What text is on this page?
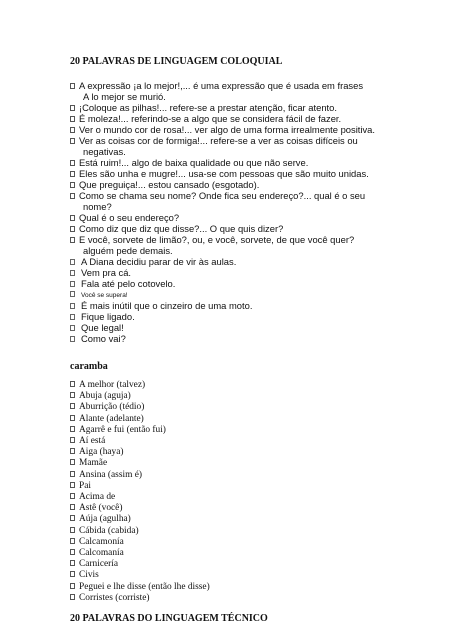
20 PALAVRAS DE LINGUAGEM COLOQUIAL
A expressão ¡a lo mejor!,... é uma expressão que é usada em frases
A lo mejor se murió.
¡Coloque as pilhas!... refere-se a prestar atenção, ficar atento.
É moleza!... referindo-se a algo que se considera fácil de fazer.
Ver o mundo cor de rosa!... ver algo de uma forma irrealmente positiva.
Ver as coisas cor de formiga!... refere-se a ver as coisas difíceis ou
negativas.
Está ruim!... algo de baixa qualidade ou que não serve.
Eles são unha e mugre!... usa-se com pessoas que são muito unidas.
Que preguiça!... estou cansado (esgotado).
Como se chama seu nome? Onde fica seu endereço?... qual é o seu
nome?
Qual é o seu endereço?
Como diz que diz que disse?... O que quis dizer?
E você, sorvete de limão?, ou, e você, sorvete, de que você quer?
alguém pede demais.
A Diana decidiu parar de vir às aulas.
Vem pra cá.
Fala até pelo cotovelo.
Você se supera!
É mais inútil que o cinzeiro de uma moto.
Fique ligado.
Que legal!
Como vai?
caramba
A melhor (talvez)
Abuja (aguja)
Aburrição (tédio)
Alante (adelante)
Agarrê e fui (então fui)
Aí está
Aiga (haya)
Mamãe
Ansina (assim é)
Pai
Acima de
Astê (você)
Aúja (agulha)
Cábida (cabida)
Calcamonía
Calcomanía
Carnicería
Civis
Peguei e lhe disse (então lhe disse)
Corristes (corriste)
20 PALAVRAS DO LINGUAGEM TÉCNICO
